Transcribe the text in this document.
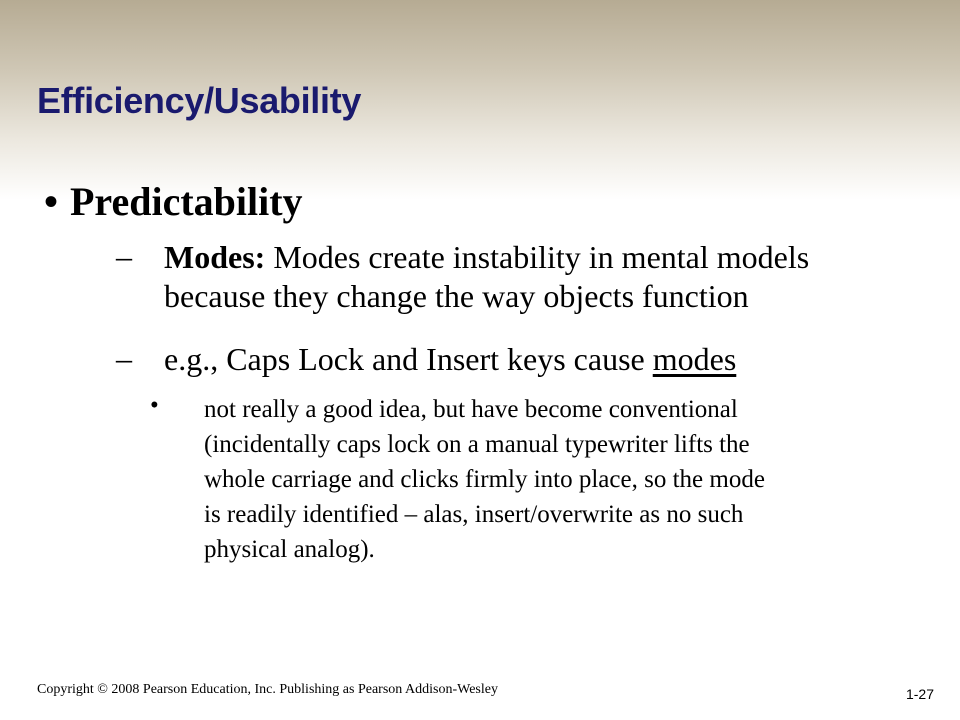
Efficiency/Usability
• Predictability
– Modes: Modes create instability in mental models
because they change the way objects function
– e.g., Caps Lock and Insert keys cause modes
• not really a good idea, but have become conventional
(incidentally caps lock on a manual typewriter lifts the
whole carriage and clicks firmly into place, so the mode
is readily identified – alas, insert/overwrite as no such
physical analog).
Copyright © 2008 Pearson Education, Inc. Publishing as Pearson Addison-Wesley	1-27
